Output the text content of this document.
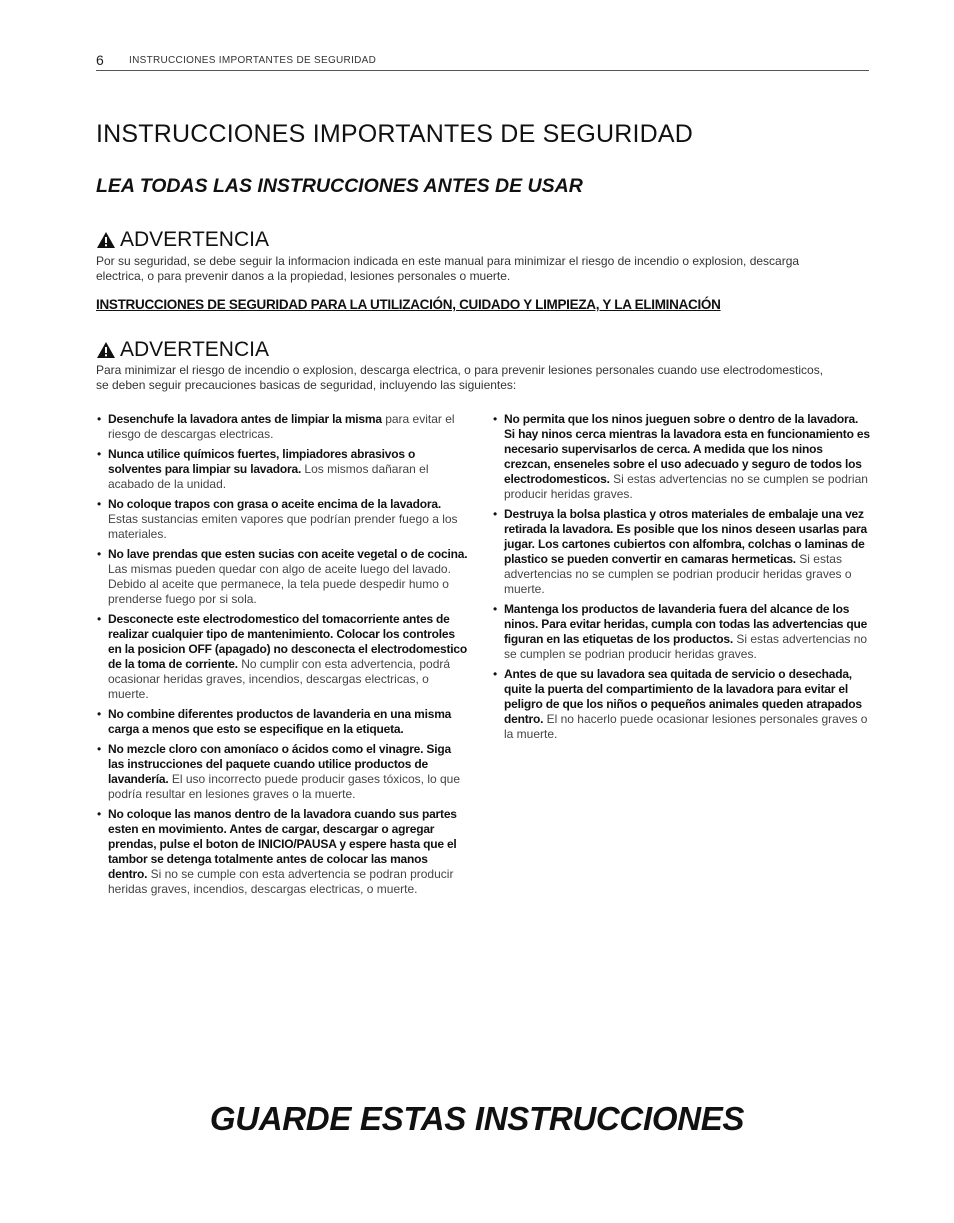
6	INSTRUCCIONES IMPORTANTES DE SEGURIDAD
INSTRUCCIONES IMPORTANTES DE SEGURIDAD
LEA TODAS LAS INSTRUCCIONES ANTES DE USAR
ADVERTENCIA
Por su seguridad, se debe seguir la informacion indicada en este manual para minimizar el riesgo de incendio o explosion, descarga electrica, o para prevenir danos a la propiedad, lesiones personales o muerte.
INSTRUCCIONES DE SEGURIDAD PARA LA UTILIZACIÓN, CUIDADO Y LIMPIEZA, Y LA ELIMINACIÓN
ADVERTENCIA
Para minimizar el riesgo de incendio o explosion, descarga electrica, o para prevenir lesiones personales cuando use electrodomesticos, se deben seguir precauciones basicas de seguridad, incluyendo las siguientes:
• Desenchufe la lavadora antes de limpiar la misma para evitar el riesgo de descargas electricas.
• Nunca utilice químicos fuertes, limpiadores abrasivos o solventes para limpiar su lavadora. Los mismos dañaran el acabado de la unidad.
• No coloque trapos con grasa o aceite encima de la lavadora. Estas sustancias emiten vapores que podrían prender fuego a los materiales.
• No lave prendas que esten sucias con aceite vegetal o de cocina. Las mismas pueden quedar con algo de aceite luego del lavado. Debido al aceite que permanece, la tela puede despedir humo o prenderse fuego por si sola.
• Desconecte este electrodomestico del tomacorriente antes de realizar cualquier tipo de mantenimiento. Colocar los controles en la posicion OFF (apagado) no desconecta el electrodomestico de la toma de corriente. No cumplir con esta advertencia, podrá ocasionar heridas graves, incendios, descargas electricas, o muerte.
• No combine diferentes productos de lavanderia en una misma carga a menos que esto se especifique en la etiqueta.
• No mezcle cloro con amoníaco o ácidos como el vinagre. Siga las instrucciones del paquete cuando utilice productos de lavandería. El uso incorrecto puede producir gases tóxicos, lo que podría resultar en lesiones graves o la muerte.
• No coloque las manos dentro de la lavadora cuando sus partes esten en movimiento. Antes de cargar, descargar o agregar prendas, pulse el boton de INICIO/PAUSA y espere hasta que el tambor se detenga totalmente antes de colocar las manos dentro. Si no se cumple con esta advertencia se podran producir heridas graves, incendios, descargas electricas, o muerte.
• No permita que los ninos jueguen sobre o dentro de la lavadora. Si hay ninos cerca mientras la lavadora esta en funcionamiento es necesario supervisarlos de cerca. A medida que los ninos crezcan, enseneles sobre el uso adecuado y seguro de todos los electrodomesticos. Si estas advertencias no se cumplen se podrian producir heridas graves.
• Destruya la bolsa plastica y otros materiales de embalaje una vez retirada la lavadora. Es posible que los ninos deseen usarlas para jugar. Los cartones cubiertos con alfombra, colchas o laminas de plastico se pueden convertir en camaras hermeticas. Si estas advertencias no se cumplen se podrian producir heridas graves o muerte.
• Mantenga los productos de lavanderia fuera del alcance de los ninos. Para evitar heridas, cumpla con todas las advertencias que figuran en las etiquetas de los productos. Si estas advertencias no se cumplen se podrian producir heridas graves.
• Antes de que su lavadora sea quitada de servicio o desechada, quite la puerta del compartimiento de la lavadora para evitar el peligro de que los niños o pequeños animales queden atrapados dentro. El no hacerlo puede ocasionar lesiones personales graves o la muerte.
GUARDE ESTAS INSTRUCCIONES
